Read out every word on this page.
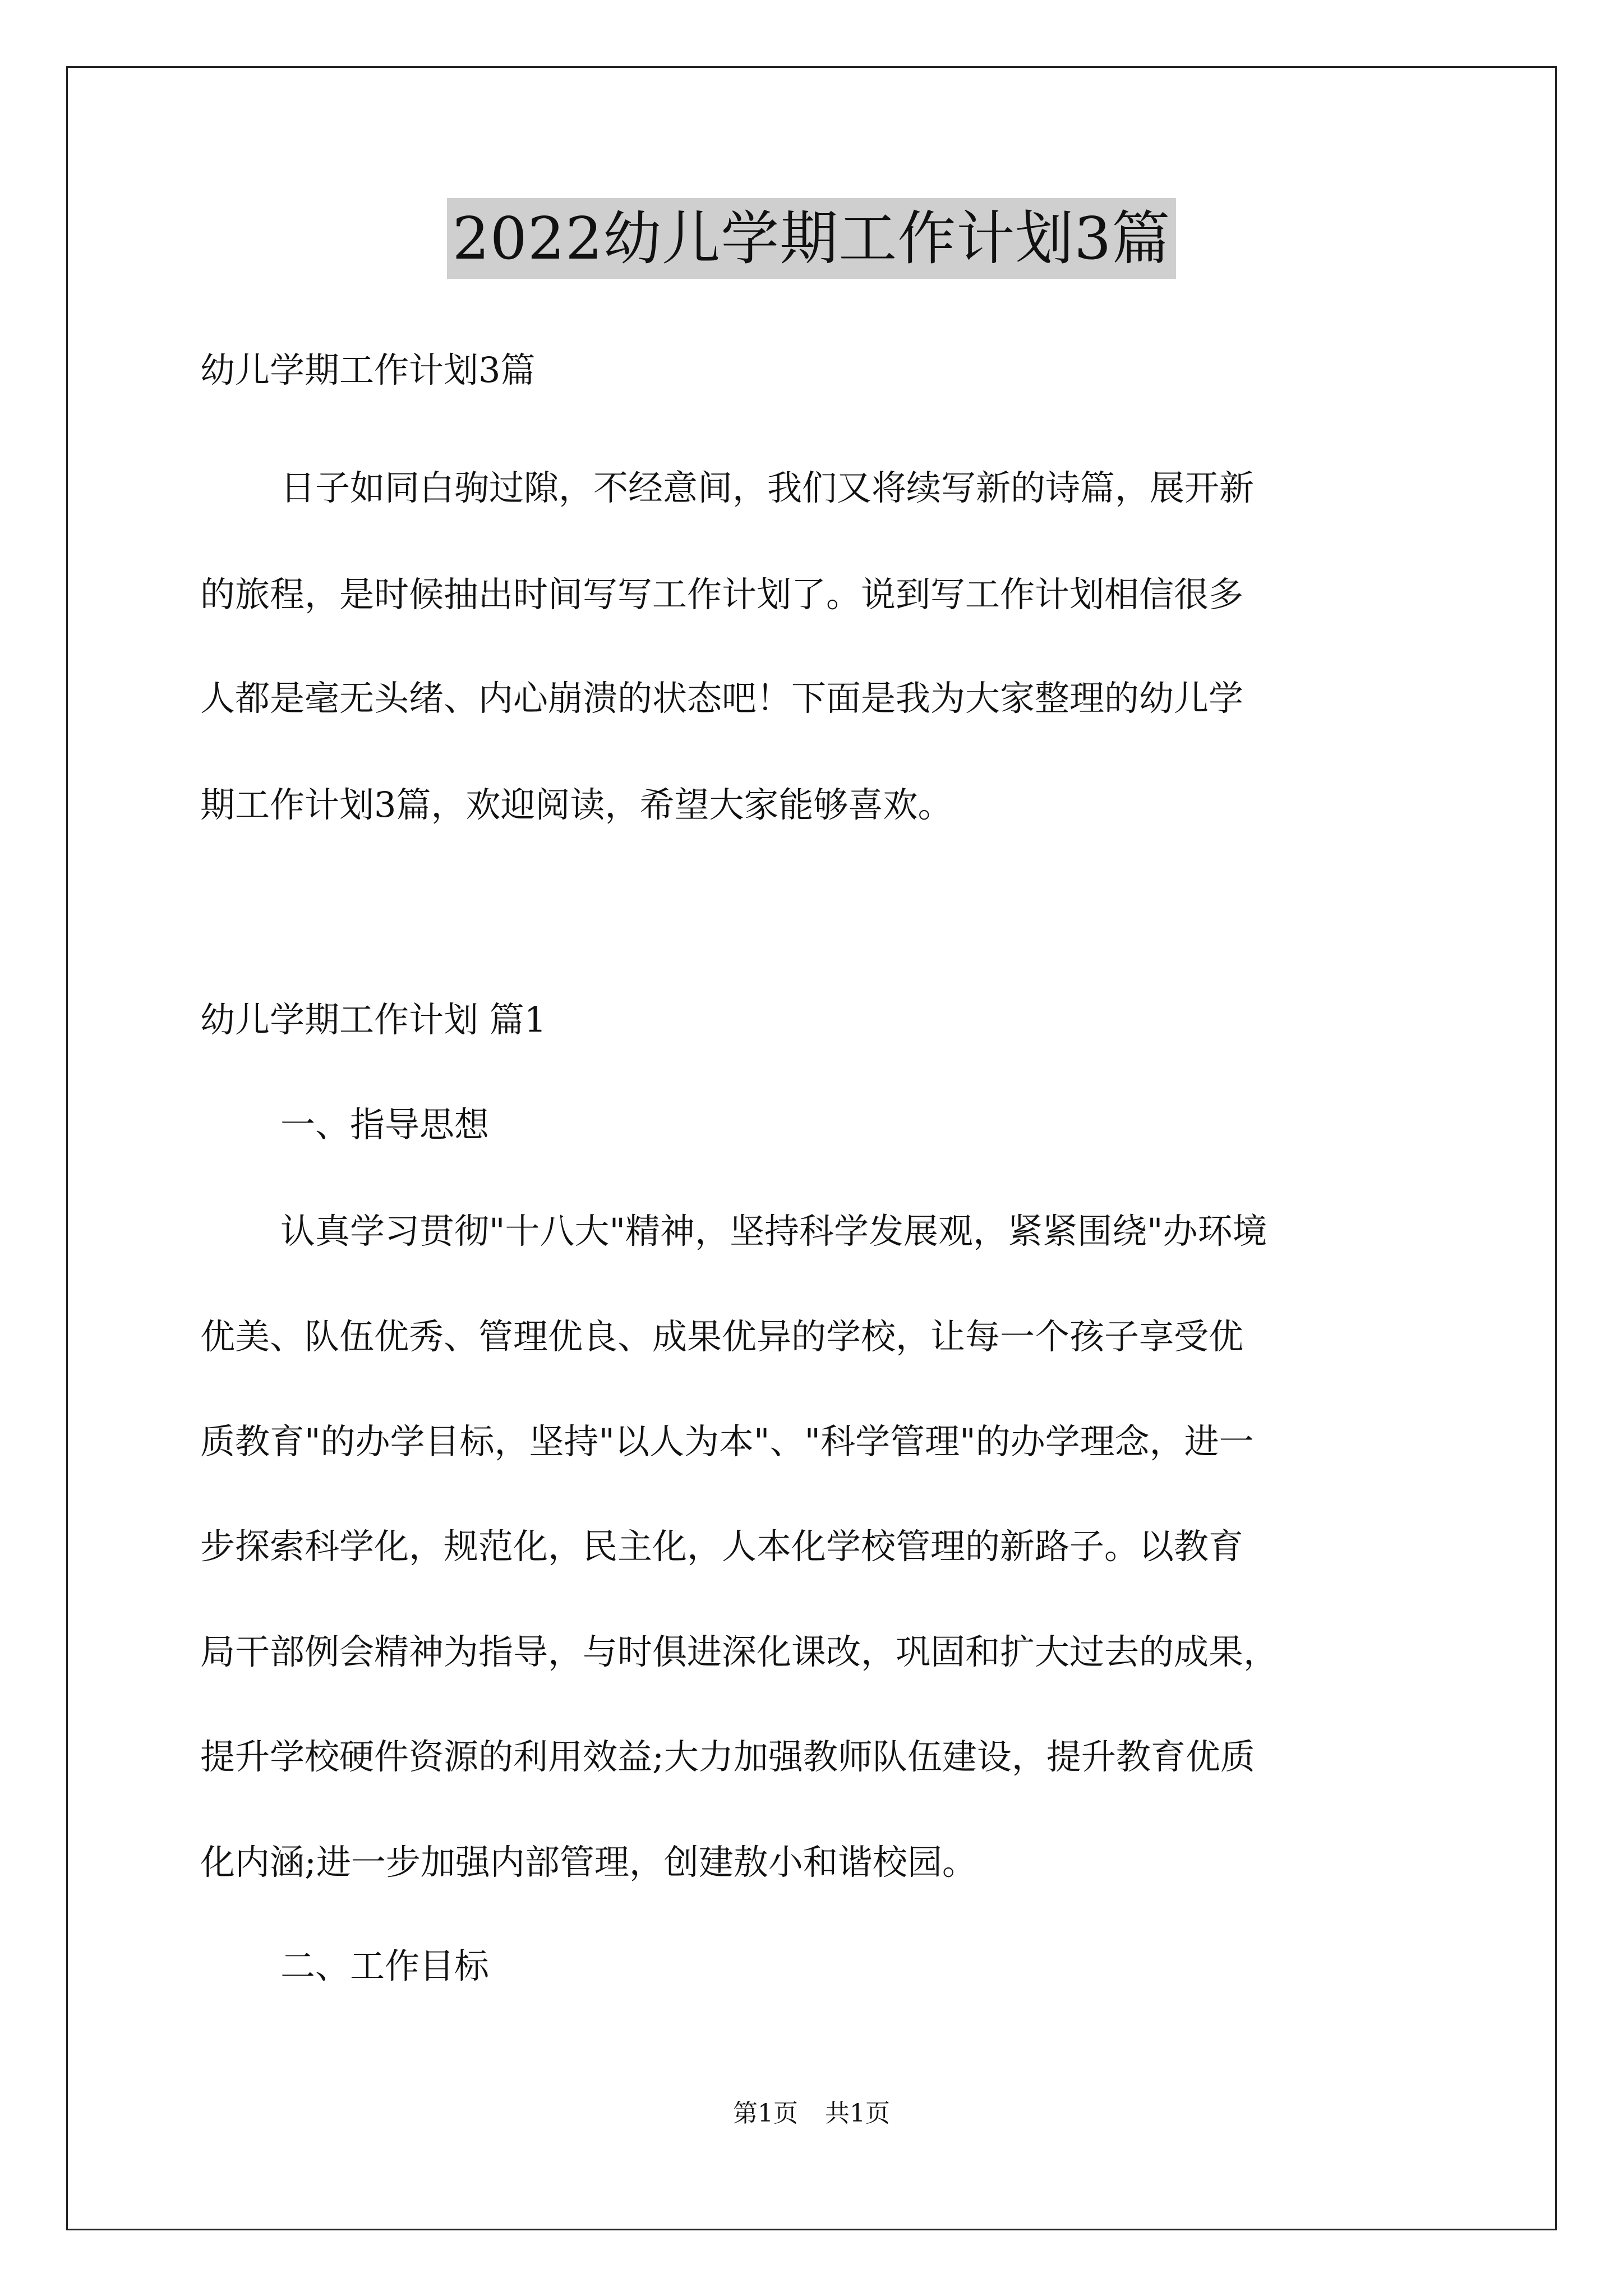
2022幼儿学期工作计划3篇
幼儿学期工作计划3篇
日子如同白驹过隙，不经意间，我们又将续写新的诗篇，展开新
的旅程，是时候抽出时间写写工作计划了。说到写工作计划相信很多
人都是毫无头绪、内心崩溃的状态吧！下面是我为大家整理的幼儿学
期工作计划3篇，欢迎阅读，希望大家能够喜欢。
幼儿学期工作计划 篇1
一、指导思想
认真学习贯彻"十八大"精神，坚持科学发展观，紧紧围绕"办环境
优美、队伍优秀、管理优良、成果优异的学校，让每一个孩子享受优
质教育"的办学目标，坚持"以人为本"、"科学管理"的办学理念，进一
步探索科学化，规范化，民主化，人本化学校管理的新路子。以教育
局干部例会精神为指导，与时俱进深化课改，巩固和扩大过去的成果，
提升学校硬件资源的利用效益;大力加强教师队伍建设，提升教育优质
化内涵;进一步加强内部管理，创建敖小和谐校园。
二、工作目标
第1页 共1页
